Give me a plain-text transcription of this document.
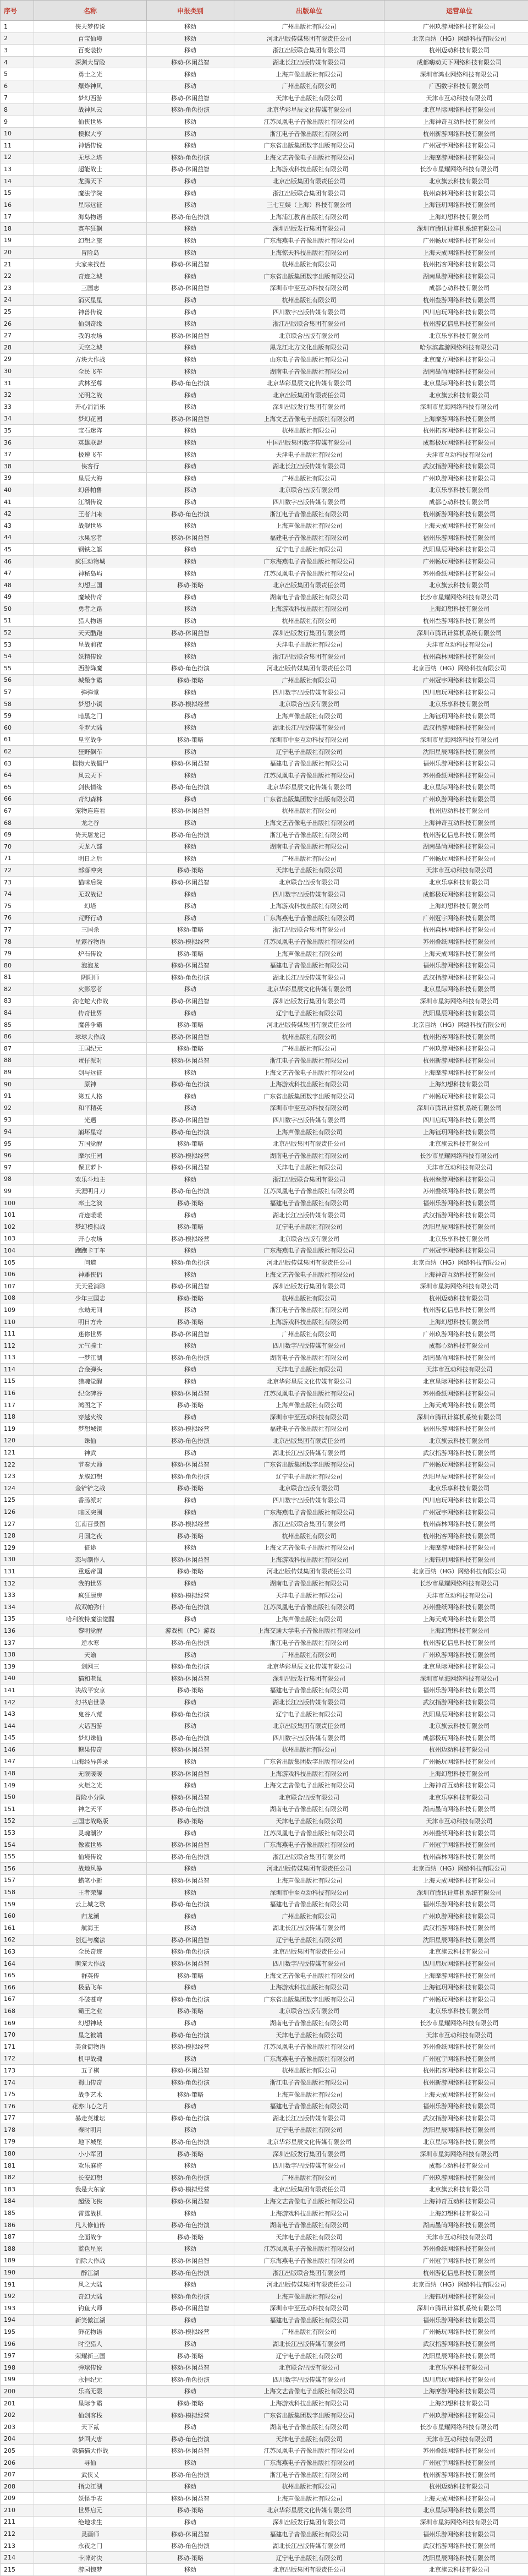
序号	名称	申报类别	出版单位	运营单位
1	侠天梦传说	移动	广州出版社有限公司	广州玖游网络科技有限公司
2	百宝仙境	移动	河北出版传媒集团有限责任公司	北京百纳（HG）网络科技有限公司
3	百变装扮	移动	浙江出版联合集团有限公司	杭州迈动科技有限公司
4	深渊大冒险	移动-休闲益智	湖北长江出版传媒有限公司	成都嗨动天下网络科技有限公司
5	勇士之光	移动	上海声像出版社有限公司	深圳市鸿业网络科技有限公司
6	爆炸神风	移动	广州出版社有限公司	广西数字科技有限公司
7	梦幻西游	移动-休闲益智	天津电子出版社有限公司	天津市互动科技有限公司
8	战神风云	移动-角色扮演	北京华彩星辰文化传媒有限公司	北京星际网络科技有限公司
9	仙侠世界	移动	江苏凤凰电子音像出版社有限公司	上海神奇互动科技有限公司
10	模拟大亨	移动	浙江电子音像出版社有限公司	杭州新游网络科技有限公司
11	神话传说	移动	广东省出版集团数字出版有限公司	广州冠宇网络科技有限公司
12	无尽之塔	移动-角色扮演	上海文艺音像电子出版社有限公司	上海摩游网络科技有限公司
13	超能战士	移动-休闲益智	上海游戏科技出版社有限公司	长沙市星耀网络科技有限公司
14	龙腾天下	移动	北京出版集团有限责任公司	北京旗云科技有限公司
15	魔法学院	移动	浙江出版联合集团有限公司	杭州森林网络科技有限公司
16	星际远征	移动	三七互娱（上海）科技有限公司	上海钰玥网络科技有限公司
17	海岛物语	移动-角色扮演	上海浦江教育出版社有限公司	上海幻想科技有限公司
18	赛车狂飙	移动	深圳出版发行集团有限公司	深圳市腾讯计算机系统有限公司
19	幻想之旅	移动	广东海燕电子音像出版社有限公司	广州畅玩网络科技有限公司
20	冒险岛	移动	上海惊天科技出版社有限公司	上海天成网络科技有限公司
21	大家来找茬	移动-休闲益智	杭州出版社有限公司	杭州拓客网络科技有限公司
22	奇迹之城	移动	广东省出版集团数字出版有限公司	湖南星游网络科技有限公司
23	三国志	移动-休闲益智	深圳市中至互动科技有限公司	成都心动科技有限公司
24	消灭星星	移动	杭州出版社有限公司	杭州叁游网络科技有限公司
25	神兽传说	移动	四川数字出版传媒有限公司	四川启玩网络科技有限公司
26	仙剑奇缘	移动	浙江出版联合集团有限公司	杭州游亿信息科技有限公司
27	我的农场	移动-休闲益智	北京联合出版有限公司	北京乐享科技有限公司
28	天空之城	移动	黑龙江北方文化出版有限公司	哈尔滨鑫游网络科技有限公司
29	方块大作战	移动	山东电子音像出版社有限公司	北京魔方网络科技有限公司
30	全民飞车	移动	湖南电子音像出版社有限公司	湖南墨尚网络科技有限公司
31	武林至尊	移动-角色扮演	北京华彩星辰文化传媒有限公司	北京星际网络科技有限公司
32	光明之战	移动	北京出版集团有限责任公司	北京旗云科技有限公司
33	开心消消乐	移动	深圳出版发行集团有限公司	深圳市星海网络科技有限公司
34	梦幻花园	移动-休闲益智	上海文艺音像电子出版社有限公司	上海摩游网络科技有限公司
35	宝石迷阵	移动	杭州出版社有限公司	杭州拓客网络科技有限公司
36	英雄联盟	移动	中国出版集团数字传媒有限公司	成都极玩网络科技有限公司
37	极速飞车	移动	天津电子出版社有限公司	天津市互动科技有限公司
38	侠客行	移动	湖北长江出版传媒有限公司	武汉指游网络科技有限公司
39	星辰大海	移动	广州出版社有限公司	广州玖游网络科技有限公司
40	幻兽帕鲁	移动	北京联合出版有限公司	北京乐享科技有限公司
41	江湖传说	移动	四川数字出版传媒有限公司	成都心动科技有限公司
42	王者归来	移动-角色扮演	浙江电子音像出版社有限公司	杭州新游网络科技有限公司
43	战舰世界	移动	上海声像出版社有限公司	上海天成网络科技有限公司
44	水果忍者	移动-休闲益智	福建电子音像出版社有限公司	福州乐游网络科技有限公司
45	钢铁之躯	移动	辽宁电子出版社有限公司	沈阳星辰网络科技有限公司
46	疯狂动物城	移动	广东海燕电子音像出版社有限公司	广州畅玩网络科技有限公司
47	神秘岛屿	移动	江苏凤凰电子音像出版社有限公司	苏州叠纸网络科技有限公司
48	幻想三国	移动-策略	北京出版集团有限责任公司	北京旗云科技有限公司
49	魔域传奇	移动	湖南电子音像出版社有限公司	长沙市星耀网络科技有限公司
50	勇者之路	移动	上海游戏科技出版社有限公司	上海幻想科技有限公司
51	猎人物语	移动	杭州出版社有限公司	杭州叁游网络科技有限公司
52	天天酷跑	移动-休闲益智	深圳出版发行集团有限公司	深圳市腾讯计算机系统有限公司
53	星战前夜	移动	天津电子出版社有限公司	天津市互动科技有限公司
54	妖精传说	移动	浙江出版联合集团有限公司	杭州森林网络科技有限公司
55	西游降魔	移动-角色扮演	河北出版传媒集团有限责任公司	北京百纳（HG）网络科技有限公司
56	城堡争霸	移动-策略	广州出版社有限公司	广州冠宇网络科技有限公司
57	弹弹堂	移动	四川数字出版传媒有限公司	四川启玩网络科技有限公司
58	梦想小镇	移动-模拟经营	北京联合出版有限公司	北京乐享科技有限公司
59	暗黑之门	移动	上海声像出版社有限公司	上海钰玥网络科技有限公司
60	斗罗大陆	移动	湖北长江出版传媒有限公司	武汉指游网络科技有限公司
61	皇室战争	移动-策略	深圳市中至互动科技有限公司	深圳市星海网络科技有限公司
62	狂野飙车	移动	辽宁电子出版社有限公司	沈阳星辰网络科技有限公司
63	植物大战僵尸	移动-休闲益智	福建电子音像出版社有限公司	福州乐游网络科技有限公司
64	风云天下	移动	江苏凤凰电子音像出版社有限公司	苏州叠纸网络科技有限公司
65	剑侠情缘	移动-角色扮演	北京华彩星辰文化传媒有限公司	北京星际网络科技有限公司
66	奇幻森林	移动	广东省出版集团数字出版有限公司	广州玖游网络科技有限公司
67	宠物连连看	移动-休闲益智	杭州出版社有限公司	杭州迈动科技有限公司
68	龙之谷	移动	上海文艺音像电子出版社有限公司	上海神奇互动科技有限公司
69	倚天屠龙记	移动-角色扮演	浙江电子音像出版社有限公司	杭州游亿信息科技有限公司
70	天龙八部	移动	湖南电子音像出版社有限公司	湖南墨尚网络科技有限公司
71	明日之后	移动	广州出版社有限公司	广州畅玩网络科技有限公司
72	部落冲突	移动-策略	天津电子出版社有限公司	天津市互动科技有限公司
73	猫咪后院	移动-休闲益智	北京联合出版有限公司	北京乐享科技有限公司
74	无双战记	移动	四川数字出版传媒有限公司	成都极玩网络科技有限公司
75	幻塔	移动	上海游戏科技出版社有限公司	上海幻想科技有限公司
76	荒野行动	移动	广东海燕电子音像出版社有限公司	广州冠宇网络科技有限公司
77	三国杀	移动-策略	浙江出版联合集团有限公司	杭州森林网络科技有限公司
78	星露谷物语	移动-模拟经营	江苏凤凰电子音像出版社有限公司	苏州叠纸网络科技有限公司
79	炉石传说	移动-策略	上海声像出版社有限公司	上海天成网络科技有限公司
80	泡泡龙	移动-休闲益智	福建电子音像出版社有限公司	福州乐游网络科技有限公司
81	阴阳师	移动-角色扮演	湖北长江出版传媒有限公司	武汉指游网络科技有限公司
82	火影忍者	移动	北京华彩星辰文化传媒有限公司	北京星际网络科技有限公司
83	贪吃蛇大作战	移动-休闲益智	深圳出版发行集团有限公司	深圳市星海网络科技有限公司
84	传奇世界	移动	辽宁电子出版社有限公司	沈阳星辰网络科技有限公司
85	魔兽争霸	移动-策略	河北出版传媒集团有限责任公司	北京百纳（HG）网络科技有限公司
86	球球大作战	移动-休闲益智	杭州出版社有限公司	杭州拓客网络科技有限公司
87	王国纪元	移动-策略	广州出版社有限公司	广州玖游网络科技有限公司
88	蛋仔派对	移动-休闲益智	浙江电子音像出版社有限公司	杭州新游网络科技有限公司
89	剑与远征	移动	上海文艺音像电子出版社有限公司	上海摩游网络科技有限公司
90	原神	移动-角色扮演	上海游戏科技出版社有限公司	上海幻想科技有限公司
91	第五人格	移动	广东省出版集团数字出版有限公司	广州畅玩网络科技有限公司
92	和平精英	移动	深圳市中至互动科技有限公司	深圳市腾讯计算机系统有限公司
93	光遇	移动-休闲益智	四川数字出版传媒有限公司	四川启玩网络科技有限公司
94	崩坏星穹	移动-角色扮演	上海声像出版社有限公司	上海钰玥网络科技有限公司
95	万国觉醒	移动-策略	北京出版集团有限责任公司	北京旗云科技有限公司
96	摩尔庄园	移动-模拟经营	湖南电子音像出版社有限公司	长沙市星耀网络科技有限公司
97	保卫萝卜	移动-休闲益智	天津电子出版社有限公司	天津市互动科技有限公司
98	欢乐斗地主	移动	浙江出版联合集团有限公司	杭州叁游网络科技有限公司
99	天涯明月刀	移动-角色扮演	江苏凤凰电子音像出版社有限公司	苏州叠纸网络科技有限公司
100	率土之滨	移动-策略	福建电子音像出版社有限公司	福州乐游网络科技有限公司
101	奇迹暖暖	移动	湖北长江出版传媒有限公司	武汉指游网络科技有限公司
102	梦幻模拟战	移动-策略	辽宁电子出版社有限公司	沈阳星辰网络科技有限公司
103	开心农场	移动-模拟经营	北京联合出版有限公司	北京乐享科技有限公司
104	跑跑卡丁车	移动	广东海燕电子音像出版社有限公司	广州冠宇网络科技有限公司
105	问道	移动-角色扮演	河北出版传媒集团有限责任公司	北京百纳（HG）网络科技有限公司
106	神雕侠侣	移动	上海文艺音像电子出版社有限公司	上海神奇互动科技有限公司
107	天天爱消除	移动-休闲益智	深圳出版发行集团有限公司	深圳市星海网络科技有限公司
108	少年三国志	移动-策略	杭州出版社有限公司	杭州迈动科技有限公司
109	永劫无间	移动	浙江电子音像出版社有限公司	杭州游亿信息科技有限公司
110	明日方舟	移动-策略	上海游戏科技出版社有限公司	上海幻想科技有限公司
111	迷你世界	移动-休闲益智	广州出版社有限公司	广州玖游网络科技有限公司
112	元气骑士	移动	四川数字出版传媒有限公司	成都心动科技有限公司
113	一梦江湖	移动-角色扮演	湖南电子音像出版社有限公司	湖南墨尚网络科技有限公司
114	合金弹头	移动	天津电子出版社有限公司	天津市互动科技有限公司
115	猎魂觉醒	移动	北京华彩星辰文化传媒有限公司	北京星际网络科技有限公司
116	纪念碑谷	移动-休闲益智	江苏凤凰电子音像出版社有限公司	苏州叠纸网络科技有限公司
117	鸿图之下	移动-策略	上海声像出版社有限公司	上海天成网络科技有限公司
118	穿越火线	移动	深圳市中至互动科技有限公司	深圳市腾讯计算机系统有限公司
119	梦想城镇	移动-模拟经营	福建电子音像出版社有限公司	福州乐游网络科技有限公司
120	诛仙	移动-角色扮演	北京出版集团有限责任公司	北京旗云科技有限公司
121	神武	移动	湖北长江出版传媒有限公司	武汉指游网络科技有限公司
122	节奏大师	移动-休闲益智	广东省出版集团数字出版有限公司	广州畅玩网络科技有限公司
123	龙族幻想	移动-角色扮演	辽宁电子出版社有限公司	沈阳星辰网络科技有限公司
124	金铲铲之战	移动-策略	北京联合出版有限公司	北京乐享科技有限公司
125	香肠派对	移动	四川数字出版传媒有限公司	四川启玩网络科技有限公司
126	暗区突围	移动	广东海燕电子音像出版社有限公司	广州冠宇网络科技有限公司
127	江南百景图	移动-模拟经营	浙江出版联合集团有限公司	杭州森林网络科技有限公司
128	月圆之夜	移动-策略	杭州出版社有限公司	杭州拓客网络科技有限公司
129	征途	移动	上海文艺音像电子出版社有限公司	上海摩游网络科技有限公司
130	恋与制作人	移动-休闲益智	上海游戏科技出版社有限公司	上海钰玥网络科技有限公司
131	重返帝国	移动-策略	河北出版传媒集团有限责任公司	北京百纳（HG）网络科技有限公司
132	我的世界	移动	湖南电子音像出版社有限公司	长沙市星耀网络科技有限公司
133	疯狂厨房	移动-模拟经营	天津电子出版社有限公司	天津市互动科技有限公司
134	战双帕弥什	移动-角色扮演	江苏凤凰电子音像出版社有限公司	苏州叠纸网络科技有限公司
135	哈利波特魔法觉醒	移动	上海声像出版社有限公司	上海天成网络科技有限公司
136	黎明觉醒	游戏机（PC）游戏	上海交通大学电子音像出版社有限公司	上海幻想科技有限公司
137	逆水寒	移动-角色扮演	浙江电子音像出版社有限公司	杭州游亿信息科技有限公司
138	天谕	移动	广州出版社有限公司	广州玖游网络科技有限公司
139	剑网三	移动-角色扮演	北京华彩星辰文化传媒有限公司	北京星际网络科技有限公司
140	猫和老鼠	移动-休闲益智	深圳出版发行集团有限公司	深圳市星海网络科技有限公司
141	决战平安京	移动-策略	福建电子音像出版社有限公司	福州乐游网络科技有限公司
142	幻书启世录	移动	湖北长江出版传媒有限公司	武汉指游网络科技有限公司
143	鬼谷八荒	移动-角色扮演	辽宁电子出版社有限公司	沈阳星辰网络科技有限公司
144	大话西游	移动	北京出版集团有限责任公司	北京旗云科技有限公司
145	梦幻诛仙	移动-角色扮演	四川数字出版传媒有限公司	成都极玩网络科技有限公司
146	糖果传奇	移动-休闲益智	杭州出版社有限公司	杭州迈动科技有限公司
147	山海经异兽录	移动	广东省出版集团数字出版有限公司	广州畅玩网络科技有限公司
148	无限暖暖	移动-休闲益智	上海游戏科技出版社有限公司	上海幻想科技有限公司
149	火炬之光	移动	上海文艺音像电子出版社有限公司	上海神奇互动科技有限公司
150	冒险小分队	移动-休闲益智	北京联合出版有限公司	北京乐享科技有限公司
151	神之天平	移动-角色扮演	湖南电子音像出版社有限公司	湖南墨尚网络科技有限公司
152	三国志战略版	移动-策略	天津电子出版社有限公司	天津市互动科技有限公司
153	灵魂潮汐	移动	江苏凤凰电子音像出版社有限公司	苏州叠纸网络科技有限公司
154	像素世界	移动-休闲益智	广东海燕电子音像出版社有限公司	广州冠宇网络科技有限公司
155	仙境传说	移动-角色扮演	浙江出版联合集团有限公司	杭州森林网络科技有限公司
156	战地风暴	移动	河北出版传媒集团有限责任公司	北京百纳（HG）网络科技有限公司
157	蜡笔小新	移动-休闲益智	上海声像出版社有限公司	上海天成网络科技有限公司
158	王者荣耀	移动	深圳市中至互动科技有限公司	深圳市腾讯计算机系统有限公司
159	云上城之歌	移动-角色扮演	福建电子音像出版社有限公司	福州乐游网络科技有限公司
160	归龙潮	移动	广州出版社有限公司	广州玖游网络科技有限公司
161	航海王	移动	湖北长江出版传媒有限公司	武汉指游网络科技有限公司
162	创造与魔法	移动-休闲益智	辽宁电子出版社有限公司	沈阳星辰网络科技有限公司
163	全民奇迹	移动-角色扮演	北京出版集团有限责任公司	北京旗云科技有限公司
164	萌宠大作战	移动-休闲益智	四川数字出版传媒有限公司	四川启玩网络科技有限公司
165	群英传	移动-策略	上海文艺音像电子出版社有限公司	上海摩游网络科技有限公司
166	极品飞车	移动	上海游戏科技出版社有限公司	上海钰玥网络科技有限公司
167	斗破苍穹	移动-角色扮演	广东省出版集团数字出版有限公司	广州畅玩网络科技有限公司
168	霸王之业	移动-策略	北京联合出版有限公司	北京乐享科技有限公司
169	幻想神域	移动	湖南电子音像出版社有限公司	长沙市星耀网络科技有限公司
170	星之彼端	移动-角色扮演	天津电子出版社有限公司	天津市互动科技有限公司
171	美食街物语	移动-模拟经营	江苏凤凰电子音像出版社有限公司	苏州叠纸网络科技有限公司
172	机甲战魂	移动	广东海燕电子音像出版社有限公司	广州冠宇网络科技有限公司
173	五子棋	移动-休闲益智	杭州出版社有限公司	杭州拓客网络科技有限公司
174	蜀山传奇	移动-角色扮演	浙江电子音像出版社有限公司	杭州新游网络科技有限公司
175	战争艺术	移动-策略	上海声像出版社有限公司	上海天成网络科技有限公司
176	花亦山心之月	移动	福建电子音像出版社有限公司	福州乐游网络科技有限公司
177	暴走英雄坛	移动-角色扮演	湖北长江出版传媒有限公司	武汉指游网络科技有限公司
178	秦时明月	移动	辽宁电子出版社有限公司	沈阳星辰网络科技有限公司
179	地下城堡	移动-角色扮演	北京华彩星辰文化传媒有限公司	北京星际网络科技有限公司
180	小小军团	移动-策略	深圳出版发行集团有限公司	深圳市星海网络科技有限公司
181	欢乐麻将	移动	四川数字出版传媒有限公司	成都心动科技有限公司
182	长安幻想	移动-角色扮演	广州出版社有限公司	广州玖游网络科技有限公司
183	我是大东家	移动-模拟经营	北京出版集团有限责任公司	北京旗云科技有限公司
184	超级飞侠	移动-休闲益智	上海文艺音像电子出版社有限公司	上海神奇互动科技有限公司
185	雷霆战机	移动	上海游戏科技出版社有限公司	上海幻想科技有限公司
186	凡人修仙传	移动-角色扮演	湖南电子音像出版社有限公司	湖南墨尚网络科技有限公司
187	全面战争	移动-策略	天津电子出版社有限公司	天津市互动科技有限公司
188	蓝色星原	移动	江苏凤凰电子音像出版社有限公司	苏州叠纸网络科技有限公司
189	消除大作战	移动-休闲益智	广东海燕电子音像出版社有限公司	广州冠宇网络科技有限公司
190	醉江湖	移动-角色扮演	浙江出版联合集团有限公司	杭州游亿信息科技有限公司
191	风之大陆	移动	河北出版传媒集团有限责任公司	北京百纳（HG）网络科技有限公司
192	奇幻大陆	移动-角色扮演	上海声像出版社有限公司	上海钰玥网络科技有限公司
193	钓鱼大师	移动-休闲益智	深圳市中至互动科技有限公司	深圳市腾讯计算机系统有限公司
194	新笑傲江湖	移动	福建电子音像出版社有限公司	福州乐游网络科技有限公司
195	鲜花物语	移动-模拟经营	广州出版社有限公司	广州畅玩网络科技有限公司
196	时空猎人	移动	湖北长江出版传媒有限公司	武汉指游网络科技有限公司
197	荣耀新三国	移动-策略	辽宁电子出版社有限公司	沈阳星辰网络科技有限公司
198	弹球传说	移动-休闲益智	北京联合出版有限公司	北京乐享科技有限公司
199	永恒纪元	移动-角色扮演	四川数字出版传媒有限公司	四川启玩网络科技有限公司
200	乐高无限	移动	上海文艺音像电子出版社有限公司	上海摩游网络科技有限公司
201	星际争霸	移动-策略	上海游戏科技出版社有限公司	上海幻想科技有限公司
202	仙剑客栈	移动-模拟经营	广东省出版集团数字出版有限公司	广州玖游网络科技有限公司
203	天下贰	移动	湖南电子音像出版社有限公司	长沙市星耀网络科技有限公司
204	梦回大唐	移动-角色扮演	天津电子出版社有限公司	天津市互动科技有限公司
205	躲猫猫大作战	移动-休闲益智	江苏凤凰电子音像出版社有限公司	苏州叠纸网络科技有限公司
206	寻仙	移动	广东海燕电子音像出版社有限公司	广州冠宇网络科技有限公司
207	武侠乂	移动-角色扮演	浙江电子音像出版社有限公司	杭州新游网络科技有限公司
208	指尖江湖	移动	杭州出版社有限公司	杭州迈动科技有限公司
209	妖怪手表	移动-休闲益智	上海声像出版社有限公司	上海天成网络科技有限公司
210	世界启元	移动-策略	北京华彩星辰文化传媒有限公司	北京星际网络科技有限公司
211	绝地求生	移动	深圳出版发行集团有限公司	深圳市星海网络科技有限公司
212	灵画师	移动-休闲益智	福建电子音像出版社有限公司	福州乐游网络科技有限公司
213	永夜之门	移动-角色扮演	湖北长江出版传媒有限公司	武汉指游网络科技有限公司
214	卡牌对决	移动-策略	辽宁电子出版社有限公司	沈阳星辰网络科技有限公司
215	游园惊梦	移动	北京出版集团有限责任公司	北京旗云科技有限公司
